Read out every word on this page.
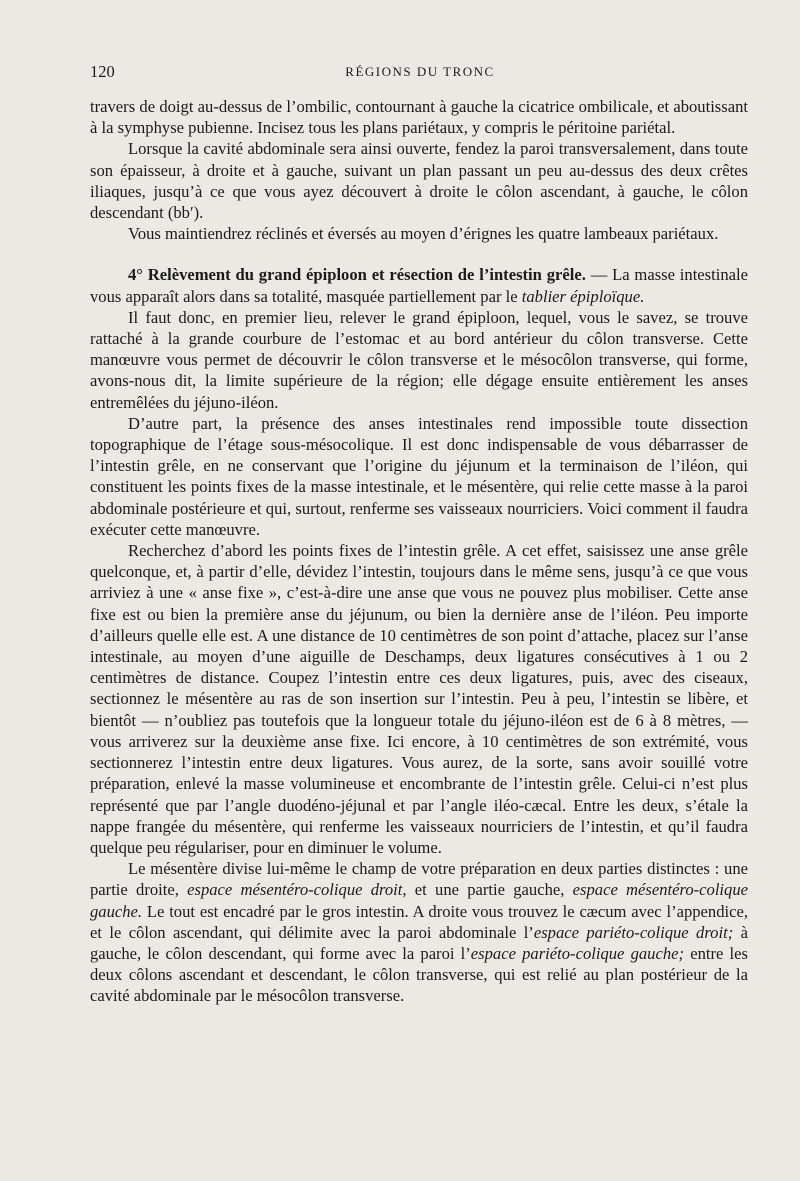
120	RÉGIONS DU TRONC

travers de doigt au-dessus de l’ombilic, contournant à gauche la cicatrice ombilicale, et aboutissant à la symphyse pubienne. Incisez tous les plans pariétaux, y compris le péritoine pariétal.

Lorsque la cavité abdominale sera ainsi ouverte, fendez la paroi transversalement, dans toute son épaisseur, à droite et à gauche, suivant un plan passant un peu au-dessus des deux crêtes iliaques, jusqu’à ce que vous ayez découvert à droite le côlon ascendant, à gauche, le côlon descendant (bb′).

Vous maintiendrez réclinés et éversés au moyen d’érignes les quatre lambeaux pariétaux.

4° Relèvement du grand épiploon et résection de l’intestin grêle. — La masse intestinale vous apparaît alors dans sa totalité, masquée partiellement par le tablier épiploïque.

Il faut donc, en premier lieu, relever le grand épiploon, lequel, vous le savez, se trouve rattaché à la grande courbure de l’estomac et au bord antérieur du côlon transverse. Cette manœuvre vous permet de découvrir le côlon transverse et le mésocôlon transverse, qui forme, avons-nous dit, la limite supérieure de la région; elle dégage ensuite entièrement les anses entremêlées du jéjuno-iléon.

D’autre part, la présence des anses intestinales rend impossible toute dissection topographique de l’étage sous-mésocolique. Il est donc indispensable de vous débarrasser de l’intestin grêle, en ne conservant que l’origine du jéjunum et la terminaison de l’iléon, qui constituent les points fixes de la masse intestinale, et le mésentère, qui relie cette masse à la paroi abdominale postérieure et qui, surtout, renferme ses vaisseaux nourriciers. Voici comment il faudra exécuter cette manœuvre.

Recherchez d’abord les points fixes de l’intestin grêle. A cet effet, saisissez une anse grêle quelconque, et, à partir d’elle, dévidez l’intestin, toujours dans le même sens, jusqu’à ce que vous arriviez à une « anse fixe », c’est-à-dire une anse que vous ne pouvez plus mobiliser. Cette anse fixe est ou bien la première anse du jéjunum, ou bien la dernière anse de l’iléon. Peu importe d’ailleurs quelle elle est. A une distance de 10 centimètres de son point d’attache, placez sur l’anse intestinale, au moyen d’une aiguille de Deschamps, deux ligatures consécutives à 1 ou 2 centimètres de distance. Coupez l’intestin entre ces deux ligatures, puis, avec des ciseaux, sectionnez le mésentère au ras de son insertion sur l’intestin. Peu à peu, l’intestin se libère, et bientôt — n’oubliez pas toutefois que la longueur totale du jéjuno-iléon est de 6 à 8 mètres, — vous arriverez sur la deuxième anse fixe. Ici encore, à 10 centimètres de son extrémité, vous sectionnerez l’intestin entre deux ligatures. Vous aurez, de la sorte, sans avoir souillé votre préparation, enlevé la masse volumineuse et encombrante de l’intestin grêle. Celui-ci n’est plus représenté que par l’angle duodéno-jéjunal et par l’angle iléo-cæcal. Entre les deux, s’étale la nappe frangée du mésentère, qui renferme les vaisseaux nourriciers de l’intestin, et qu’il faudra quelque peu régulariser, pour en diminuer le volume.

Le mésentère divise lui-même le champ de votre préparation en deux parties distinctes : une partie droite, espace mésentéro-colique droit, et une partie gauche, espace mésentéro-colique gauche. Le tout est encadré par le gros intestin. A droite vous trouvez le cæcum avec l’appendice, et le côlon ascendant, qui délimite avec la paroi abdominale l’espace pariéto-colique droit; à gauche, le côlon descendant, qui forme avec la paroi l’espace pariéto-colique gauche; entre les deux côlons ascendant et descendant, le côlon transverse, qui est relié au plan postérieur de la cavité abdominale par le mésocôlon transverse.
